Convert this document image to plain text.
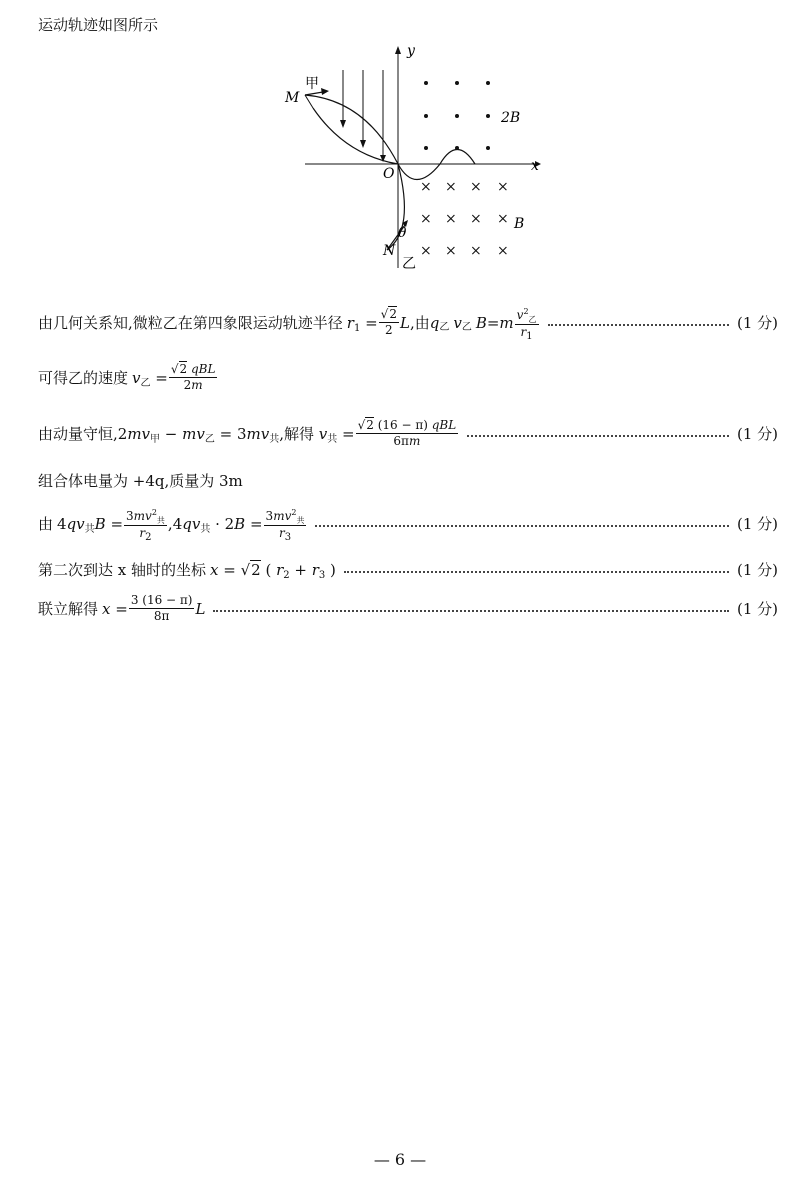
运动轨迹如图所示
× × × ×
× × × ×
× × × ×
y
x
O
M
甲
N
乙
θ
2B
B
由几何关系知,微粒乙在第四象限运动轨迹半径 $r_1 = \frac{√2}{2}$ L ,由 q 乙 v 乙 B = m $\frac{v^2_乙}{r_1}$	(1 分)
可得乙的速度 $v_乙 = \frac{\text{√2 qBL}}{2m}$
由动量守恒, $2mv_甲 - mv_乙 = 3mv_共$,解得 $v_共 = \frac{\text{√2 (16 − π) qBL}}{6\pi m}$	(1 分)
组合体电量为 +4q,质量为 3m
由 $4qv_共B = \frac{3mv^2_共}{r_2} ,4qv_共 \cdot 2B = \frac{3mv^2_共}{r_3}$	(1 分)
第二次到达 x 轴时的坐标 x = √2 ( $r_2 + r_3$ )	(1 分)
联立解得 $x = \frac{3 (16 - \pi)}{8\pi}$ L	(1 分)
— 6 —
